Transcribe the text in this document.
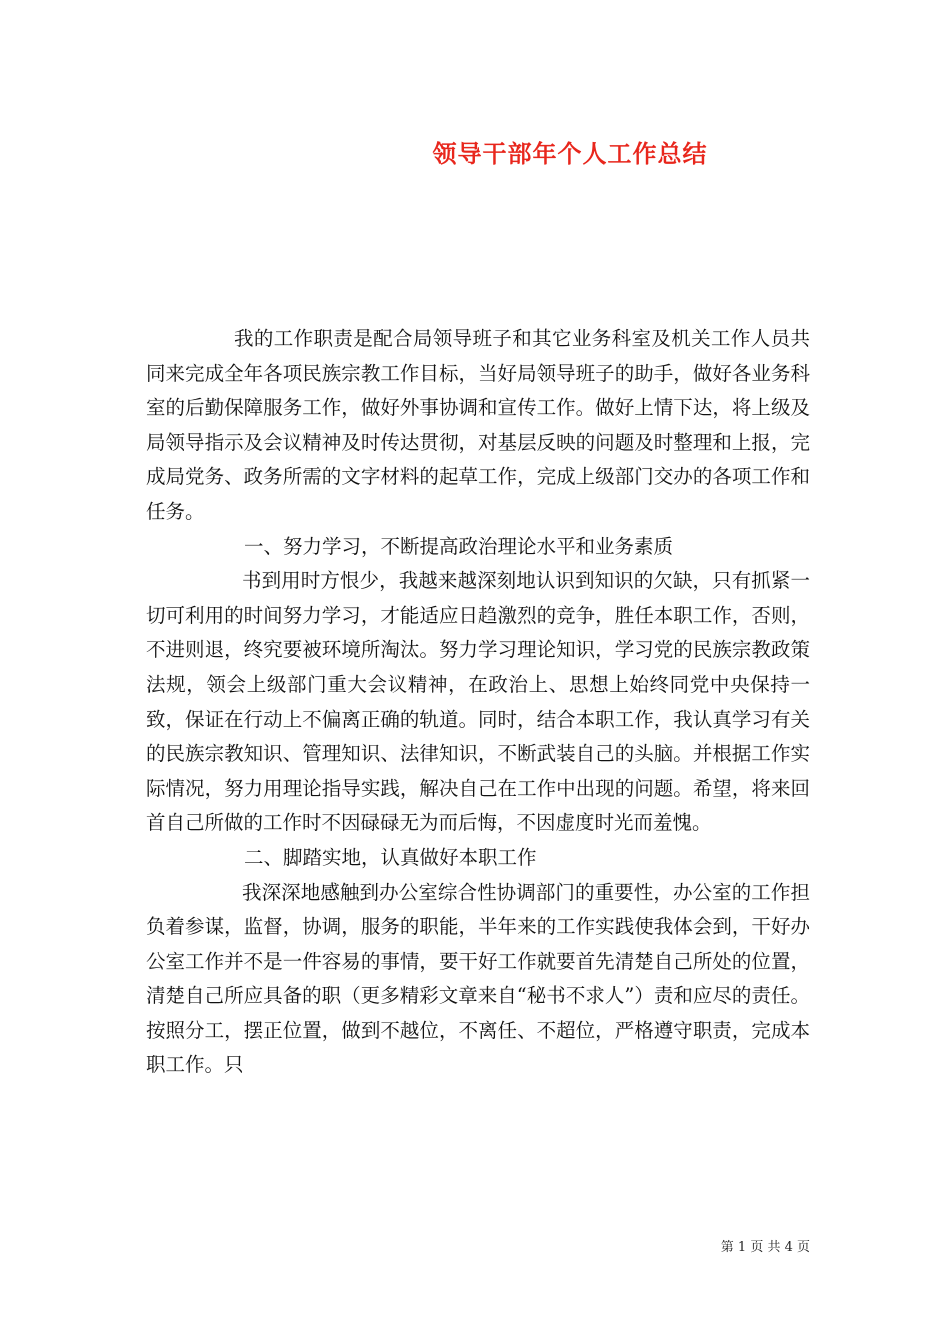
领导干部年个人工作总结

我的工作职责是配合局领导班子和其它业务科室及机关工作人员共同来完成全年各项民族宗教工作目标，当好局领导班子的助手，做好各业务科室的后勤保障服务工作，做好外事协调和宣传工作。做好上情下达，将上级及局领导指示及会议精神及时传达贯彻，对基层反映的问题及时整理和上报，完成局党务、政务所需的文字材料的起草工作，完成上级部门交办的各项工作和任务。

一、努力学习，不断提高政治理论水平和业务素质

书到用时方恨少，我越来越深刻地认识到知识的欠缺，只有抓紧一切可利用的时间努力学习，才能适应日趋激烈的竞争，胜任本职工作，否则，不进则退，终究要被环境所淘汰。努力学习理论知识，学习党的民族宗教政策法规，领会上级部门重大会议精神，在政治上、思想上始终同党中央保持一致，保证在行动上不偏离正确的轨道。同时，结合本职工作，我认真学习有关的民族宗教知识、管理知识、法律知识，不断武装自己的头脑。并根据工作实际情况，努力用理论指导实践，解决自己在工作中出现的问题。希望，将来回首自己所做的工作时不因碌碌无为而后悔，不因虚度时光而羞愧。

二、脚踏实地，认真做好本职工作

我深深地感触到办公室综合性协调部门的重要性，办公室的工作担负着参谋，监督，协调，服务的职能，半年来的工作实践使我体会到，干好办公室工作并不是一件容易的事情，要干好工作就要首先清楚自己所处的位置，清楚自己所应具备的职（更多精彩文章来自“秘书不求人”）责和应尽的责任。按照分工，摆正位置，做到不越位，不离任、不超位，严格遵守职责，完成本职工作。只

第 1 页 共 4 页
